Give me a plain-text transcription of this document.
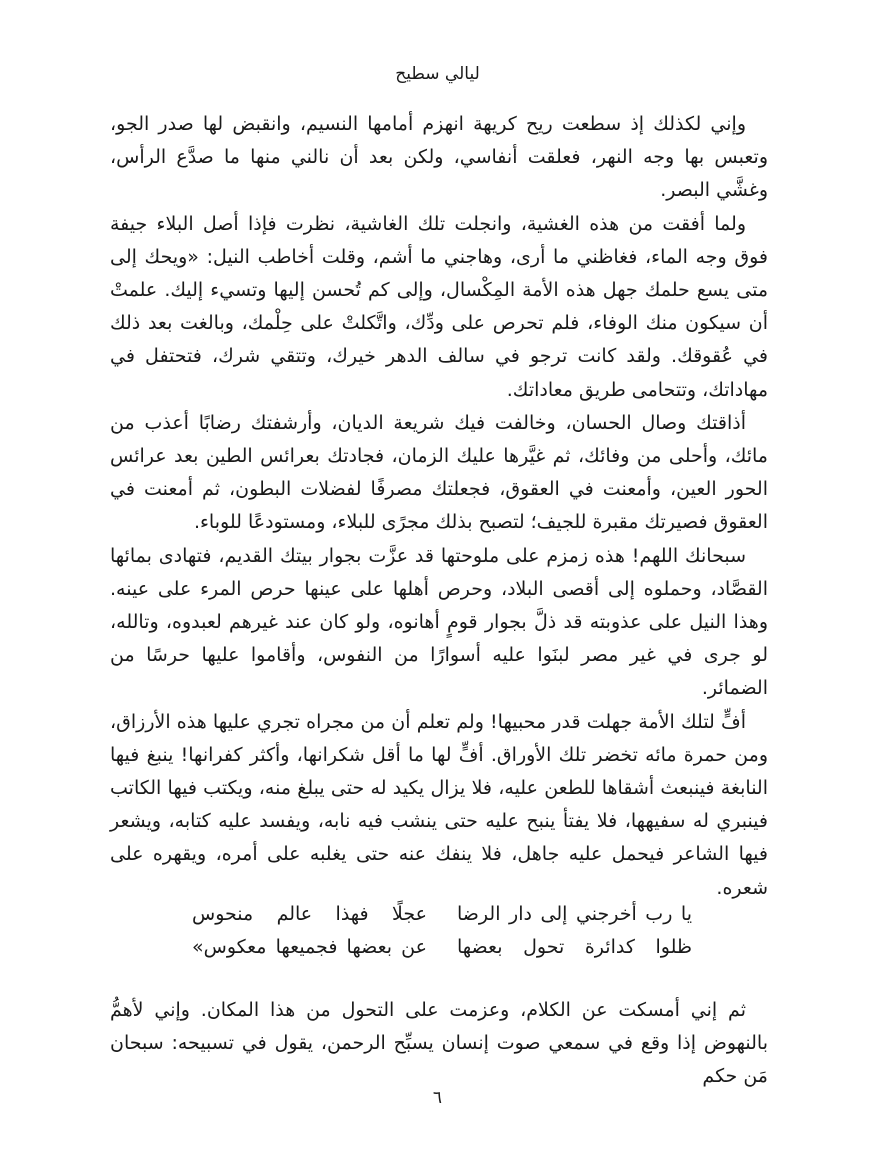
ليالي سطيح

وإني لكذلك إذ سطعت ريح كريهة انهزم أمامها النسيم، وانقبض لها صدر الجو، وتعبس بها وجه النهر، فعلقت أنفاسي، ولكن بعد أن نالني منها ما صدَّع الرأس، وغشَّي البصر.

ولما أفقت من هذه الغشية، وانجلت تلك الغاشية، نظرت فإذا أصل البلاء جيفة فوق وجه الماء، فغاظني ما أرى، وهاجني ما أشم، وقلت أخاطب النيل: «ويحك إلى متى يسع حلمك جهل هذه الأمة المِكْسال، وإلى كم تُحسن إليها وتسيء إليك. علمتْ أن سيكون منك الوفاء، فلم تحرص على ودِّك، واتَّكلتْ على حِلْمك، وبالغت بعد ذلك في عُقوقك. ولقد كانت ترجو في سالف الدهر خيرك، وتتقي شرك، فتحتفل في مهاداتك، وتتحامى طريق معاداتك.

أذاقتك وصال الحسان، وخالفت فيك شريعة الديان، وأرشفتك رضابًا أعذب من مائك، وأحلى من وفائك، ثم غيَّرها عليك الزمان، فجادتك بعرائس الطين بعد عرائس الحور العين، وأمعنت في العقوق، فجعلتك مصرفًا لفضلات البطون، ثم أمعنت في العقوق فصيرتك مقبرة للجيف؛ لتصبح بذلك مجرًى للبلاء، ومستودعًا للوباء.

سبحانك اللهم! هذه زمزم على ملوحتها قد عزَّت بجوار بيتك القديم، فتهادى بمائها القصَّاد، وحملوه إلى أقصى البلاد، وحرص أهلها على عينها حرص المرء على عينه. وهذا النيل على عذوبته قد ذلَّ بجوار قومٍ أهانوه، ولو كان عند غيرهم لعبدوه، وتالله، لو جرى في غير مصر لبنَوا عليه أسوارًا من النفوس، وأقاموا عليها حرسًا من الضمائر.

أفٍّ لتلك الأمة جهلت قدر محبيها! ولم تعلم أن من مجراه تجري عليها هذه الأرزاق، ومن حمرة مائه تخضر تلك الأوراق. أفٍّ لها ما أقل شكرانها، وأكثر كفرانها! ينبغ فيها النابغة فينبعث أشقاها للطعن عليه، فلا يزال يكيد له حتى يبلغ منه، ويكتب فيها الكاتب فينبري له سفيهها، فلا يفتأ ينبح عليه حتى ينشب فيه نابه، ويفسد عليه كتابه، ويشعر فيها الشاعر فيحمل عليه جاهل، فلا ينفك عنه حتى يغلبه على أمره، ويقهره على شعره.

يا رب أخرجني إلى دار الرضا
عجلًا فهذا عالم منحوس
ظلوا كدائرة تحول بعضها
عن بعضها فجميعها معكوس»

ثم إني أمسكت عن الكلام، وعزمت على التحول من هذا المكان. وإني لأهمُّ بالنهوض إذا وقع في سمعي صوت إنسان يسبِّح الرحمن، يقول في تسبيحه: سبحان مَن حكم

٦
